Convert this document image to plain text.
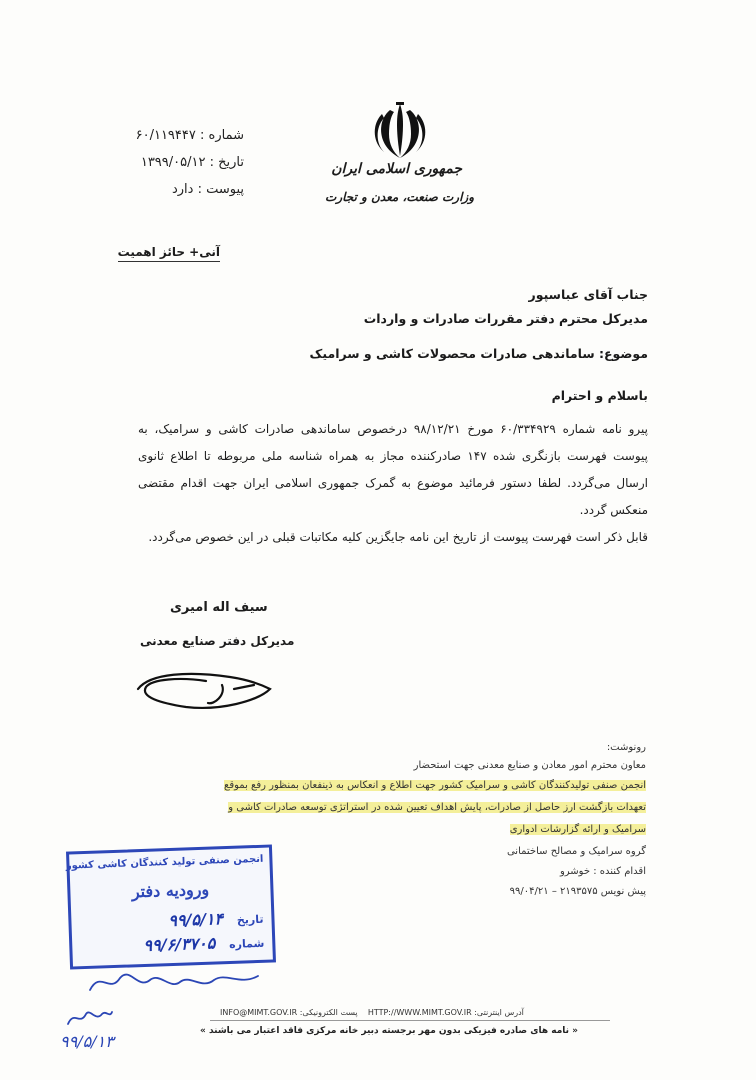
جمهوری اسلامی ایران
وزارت صنعت، معدن و تجارت
شماره : ۶۰/۱۱۹۴۴۷
تاریخ : ۱۳۹۹/۰۵/۱۲
پیوست : دارد
آنی+ حائز اهمیت
جناب آقای عباسپور
مدیرکل محترم دفتر مقررات صادرات و واردات
موضوع: ساماندهی صادرات محصولات کاشی و سرامیک
باسلام و احترام

پیرو نامه شماره ۶۰/۳۳۴۹۲۹ مورخ ۹۸/۱۲/۲۱ درخصوص ساماندهی صادرات کاشی و سرامیک، به پیوست فهرست بازنگری شده ۱۴۷ صادرکننده مجاز به همراه شناسه ملی مربوطه تا اطلاع ثانوی ارسال می‌گردد. لطفا دستور فرمائید موضوع به گمرک جمهوری اسلامی ایران جهت اقدام مقتضی منعکس گردد.

قابل ذکر است فهرست پیوست از تاریخ این نامه جایگزین کلیه مکاتبات قبلی در این خصوص می‌گردد.

سیف اله امیری
مدیرکل دفتر صنایع معدنی
رونوشت:
معاون محترم امور معادن و صنایع معدنی جهت استحضار
انجمن صنفی تولیدکنندگان کاشی و سرامیک کشور جهت اطلاع و انعکاس به ذینفعان بمنظور رفع بموقع
تعهدات بازگشت ارز حاصل از صادرات، پایش اهداف تعیین شده در استراتژی توسعه صادرات کاشی و
سرامیک و ارائه گزارشات ادواری
گروه سرامیک و مصالح ساختمانی
اقدام کننده : خوشرو
پیش نویس ۲۱۹۳۵۷۵ – ۹۹/۰۴/۲۱
انجمن صنفی تولید کنندگان کاشی کشور
ورودیه دفتر
تاریخ ۹۹/۵/۱۴
شماره ۹۹/۶/۳۷۰۵
۹۹/۵/۱۳
آدرس اینترنتی: HTTP://WWW.MIMT.GOV.IR    پست الکترونیکی: INFO@MIMT.GOV.IR
« نامه های صادره فیزیکی بدون مهر برجسته دبیر خانه مرکزی فاقد اعتبار می باشند »
